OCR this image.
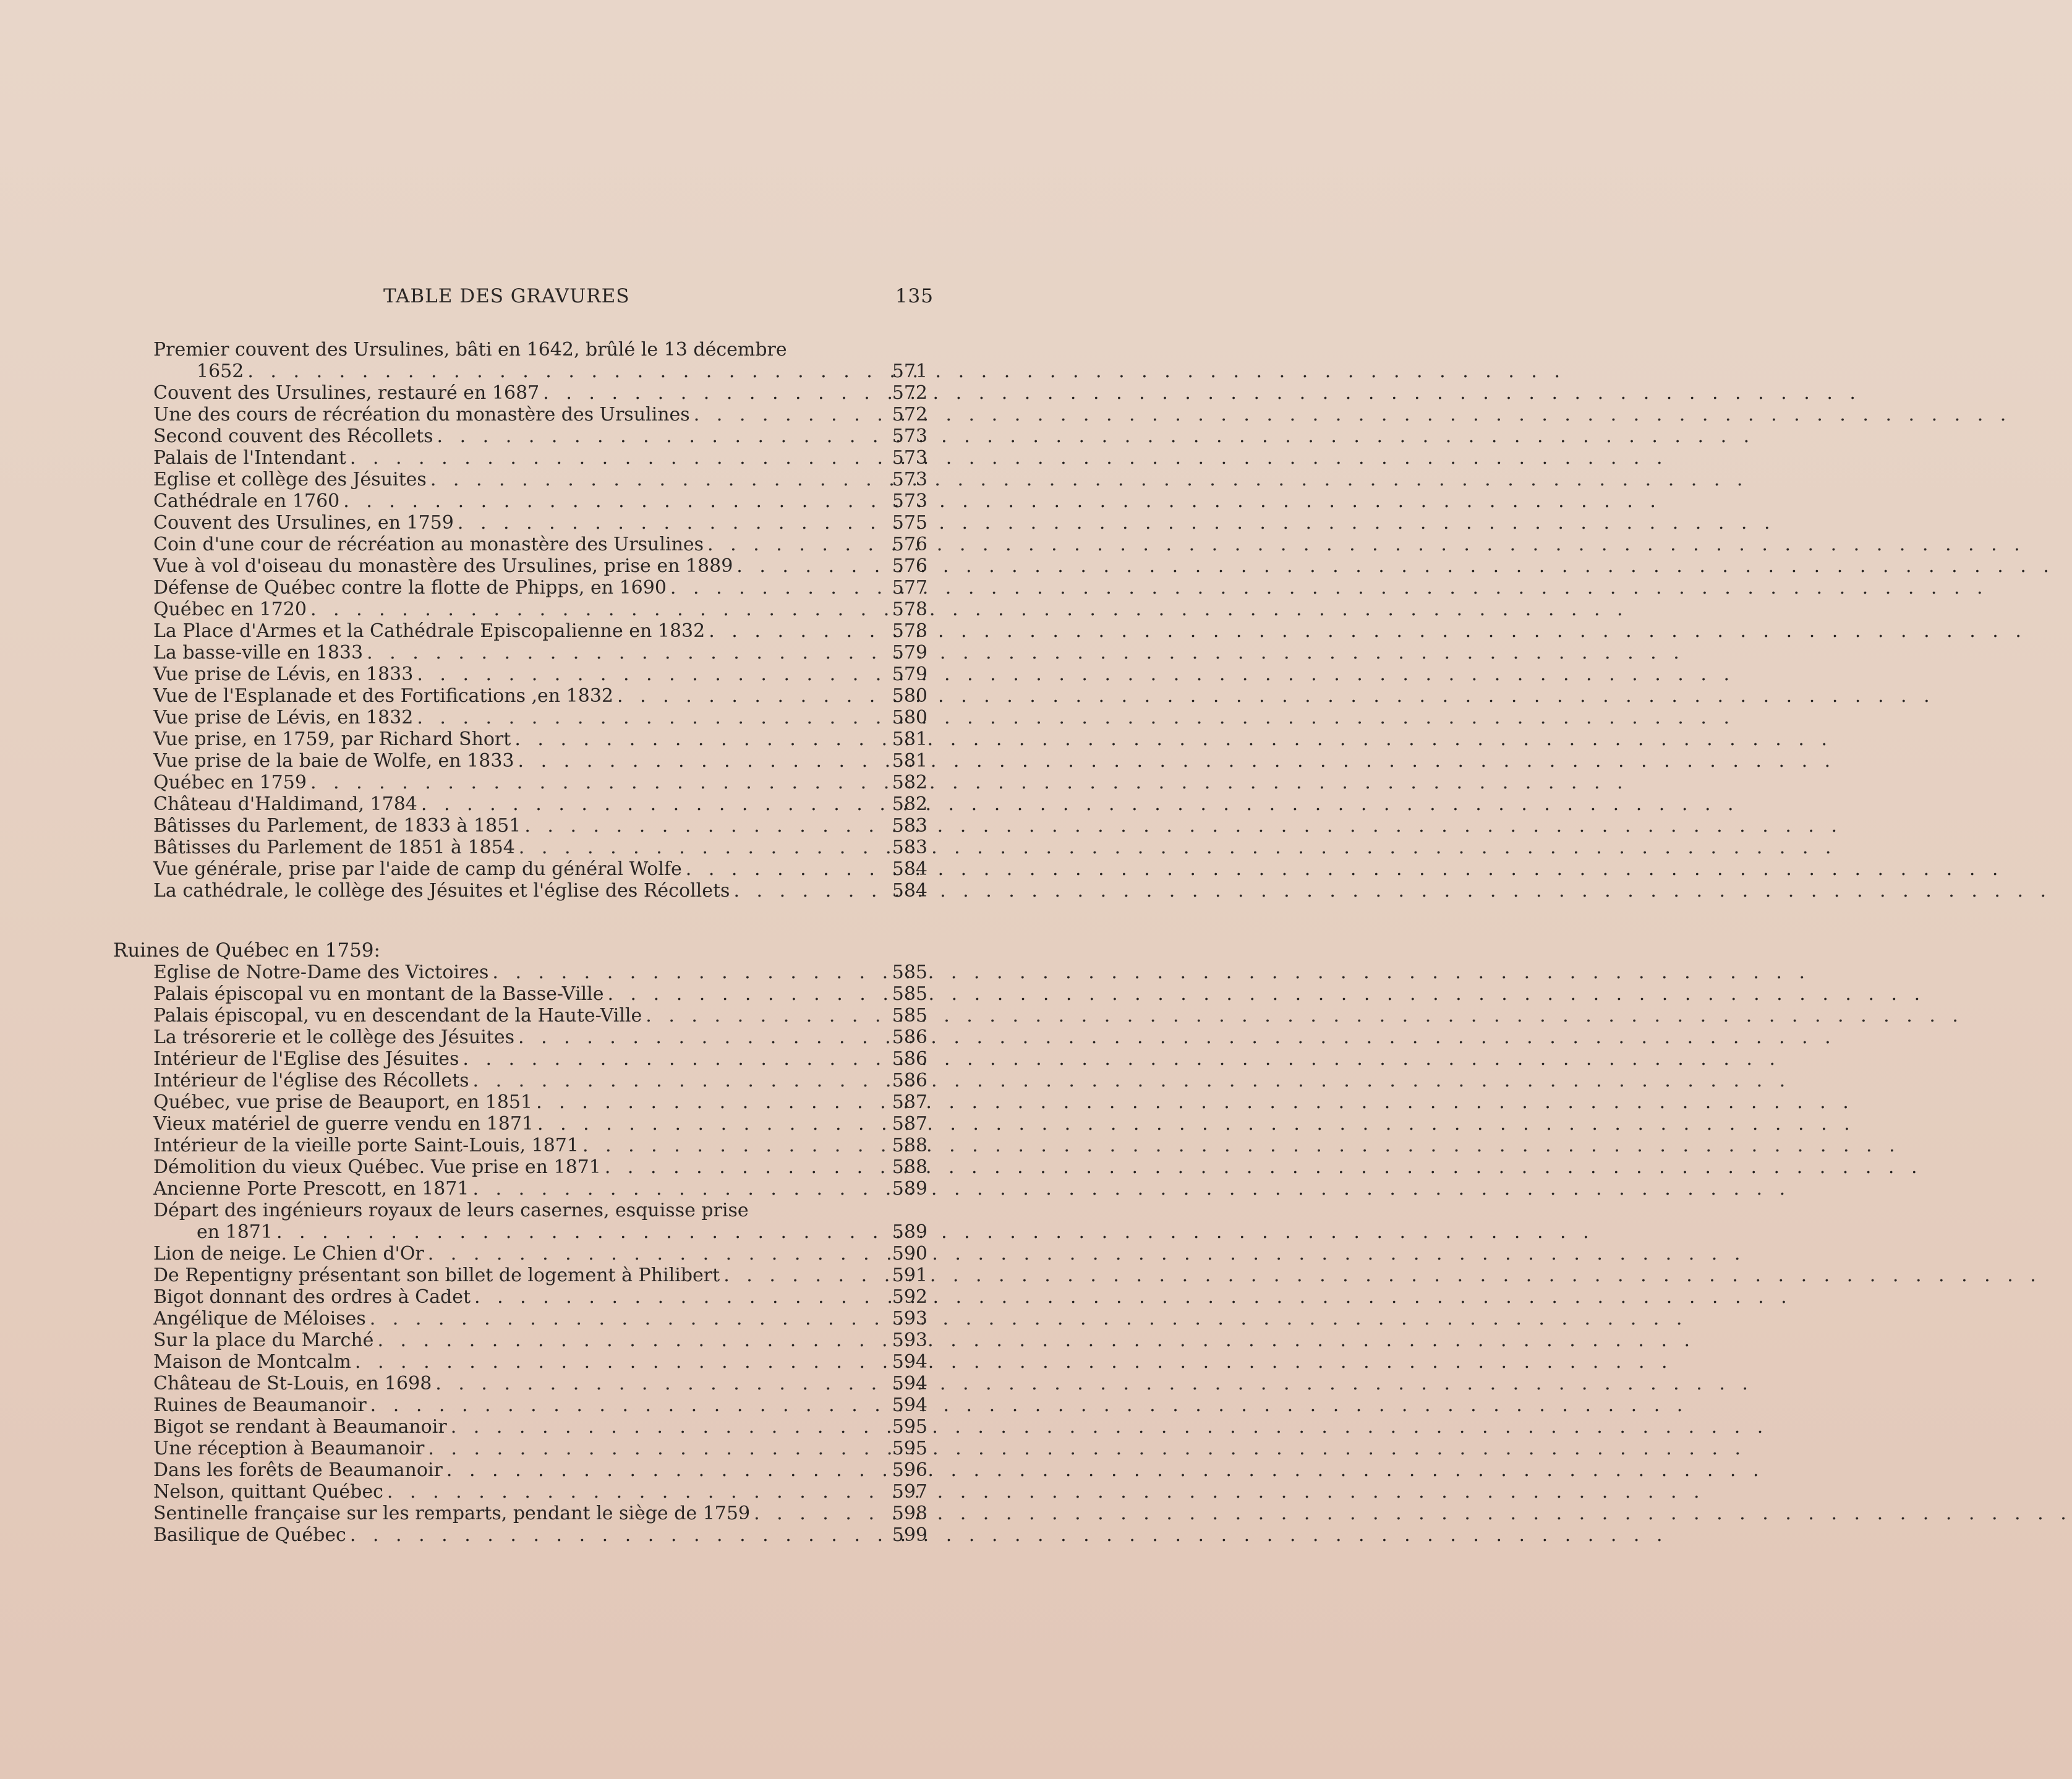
TABLE DES GRAVURES	135
Premier couvent des Ursulines, bâti en 1642, brûlé le 13 décembre
1652 . . .	571
Couvent des Ursulines, restauré en 1687 . . .	572
Une des cours de récréation du monastère des Ursulines . . .	572
Second couvent des Récollets . . .	573
Palais de l'Intendant . . .	573
Eglise et collège des Jésuites . . .	573
Cathédrale en 1760 . . .	573
Couvent des Ursulines, en 1759 . . .	575
Coin d'une cour de récréation au monastère des Ursulines . . .	576
Vue à vol d'oiseau du monastère des Ursulines, prise en 1889 . . .	576
Défense de Québec contre la flotte de Phipps, en 1690 . . .	577
Québec en 1720 . . .	578
La Place d'Armes et la Cathédrale Episcopalienne en 1832 . . .	578
La basse-ville en 1833 . . .	579
Vue prise de Lévis, en 1833 . . .	579
Vue de l'Esplanade et des Fortifications ,en 1832 . . .	580
Vue prise de Lévis, en 1832 . . .	580
Vue prise, en 1759, par Richard Short . . .	581
Vue prise de la baie de Wolfe, en 1833 . . .	581
Québec en 1759 . . .	582
Château d'Haldimand, 1784 . . .	582
Bâtisses du Parlement, de 1833 à 1851 . . .	583
Bâtisses du Parlement de 1851 à 1854 . . .	583
Vue générale, prise par l'aide de camp du général Wolfe . . .	584
La cathédrale, le collège des Jésuites et l'église des Récollets . . .	584
Ruines de Québec en 1759:
Eglise de Notre-Dame des Victoires . . .	585
Palais épiscopal vu en montant de la Basse-Ville . . .	585
Palais épiscopal, vu en descendant de la Haute-Ville . . .	585
La trésorerie et le collège des Jésuites . . .	586
Intérieur de l'Eglise des Jésuites . . .	586
Intérieur de l'église des Récollets . . .	586
Québec, vue prise de Beauport, en 1851 . . .	587
Vieux matériel de guerre vendu en 1871 . . .	587
Intérieur de la vieille porte Saint-Louis, 1871 . . .	588
Démolition du vieux Québec. Vue prise en 1871 . . .	588
Ancienne Porte Prescott, en 1871 . . .	589
Départ des ingénieurs royaux de leurs casernes, esquisse prise
en 1871 . . .	589
Lion de neige. Le Chien d'Or . . .	590
De Repentigny présentant son billet de logement à Philibert . . .	591
Bigot donnant des ordres à Cadet . . .	592
Angélique de Méloises . . .	593
Sur la place du Marché . . .	593
Maison de Montcalm . . .	594
Château de St-Louis, en 1698 . . .	594
Ruines de Beaumanoir . . .	594
Bigot se rendant à Beaumanoir . . .	595
Une réception à Beaumanoir . . .	595
Dans les forêts de Beaumanoir . . .	596
Nelson, quittant Québec . . .	597
Sentinelle française sur les remparts, pendant le siège de 1759 . . .	598
Basilique de Québec . . .	599
